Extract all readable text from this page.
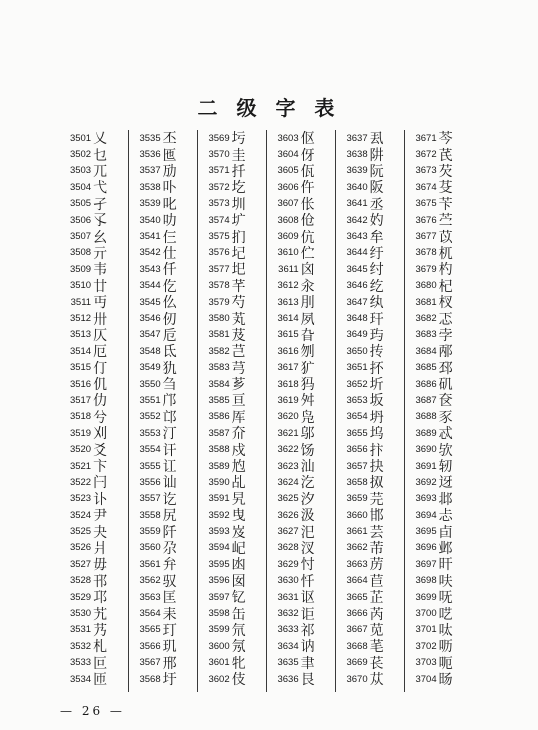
二 级 字 表
3501 乂
3502 乜
3503 兀
3504 弋
3505 孑
3506 孓
3507 幺
3508 亓
3509 韦
3510 廿
3511 丏
3512 卅
3513 仄
3514 厄
3515 仃
3516 仉
3517 仂
3518 兮
3519 刈
3520 爻
3521 卞
3522 闩
3523 讣
3524 尹
3525 夬
3526 爿
3527 毋
3528 邗
3529 邛
3530 艽
3531 艿
3532 札
3533 叵
3534 匝
3535 丕
3536 匜
3537 劢
3538 卟
3539 叱
3540 叻
3541 仨
3542 仕
3543 仟
3544 仡
3545 仫
3546 仞
3547 卮
3548 氐
3549 犰
3550 刍
3551 邝
3552 邙
3553 汀
3554 讦
3555 讧
3556 讪
3557 讫
3558 尻
3559 阡
3560 尕
3561 弁
3562 驭
3563 匡
3564 耒
3565 玎
3566 玑
3567 邢
3568 圩
3569 圬
3570 圭
3571 扦
3572 圪
3573 圳
3574 圹
3575 扪
3576 圮
3577 圯
3578 芊
3579 芍
3580 芄
3581 芨
3582 芑
3583 芎
3584 芗
3585 亘
3586 厍
3587 夼
3588 戍
3589 尥
3590 乩
3591 旯
3592 曳
3593 岌
3594 屺
3595 凼
3596 囡
3597 钇
3598 缶
3599 氘
3600 氖
3601 牝
3602 伎
3603 伛
3604 伢
3605 佤
3606 仵
3607 伥
3608 伧
3609 伉
3610 伫
3611 囟
3612 汆
3613 刖
3614 夙
3615 旮
3616 刎
3617 犷
3618 犸
3619 舛
3620 凫
3621 邬
3622 饧
3623 汕
3624 汔
3625 汐
3626 汲
3627 汜
3628 汊
3629 忖
3630 忏
3631 讴
3632 讵
3633 祁
3634 讷
3635 聿
3636 艮
3637 厾
3638 阱
3639 阮
3640 阪
3641 丞
3642 妁
3643 牟
3644 纡
3645 纣
3646 纥
3647 纨
3648 玕
3649 玙
3650 抟
3651 抔
3652 圻
3653 坂
3654 坍
3655 坞
3656 抃
3657 抉
3658 㧐
3659 芫
3660 邯
3661 芸
3662 芾
3663 苈
3664 苣
3665 芷
3666 芮
3667 苋
3668 芼
3669 苌
3670 苁
3671 芩
3672 芪
3673 芡
3674 芟
3675 苄
3676 苎
3677 苡
3678 杌
3679 杓
3680 杞
3681 杈
3682 忑
3683 孛
3684 邴
3685 邳
3686 矶
3687 奁
3688 豕
3689 忒
3690 欤
3691 轫
3692 迓
3693 邶
3694 忐
3695 卣
3696 邺
3697 旰
3698 呋
3699 呒
3700 呓
3701 呔
3702 呖
3703 呃
3704 旸
— 26 —
